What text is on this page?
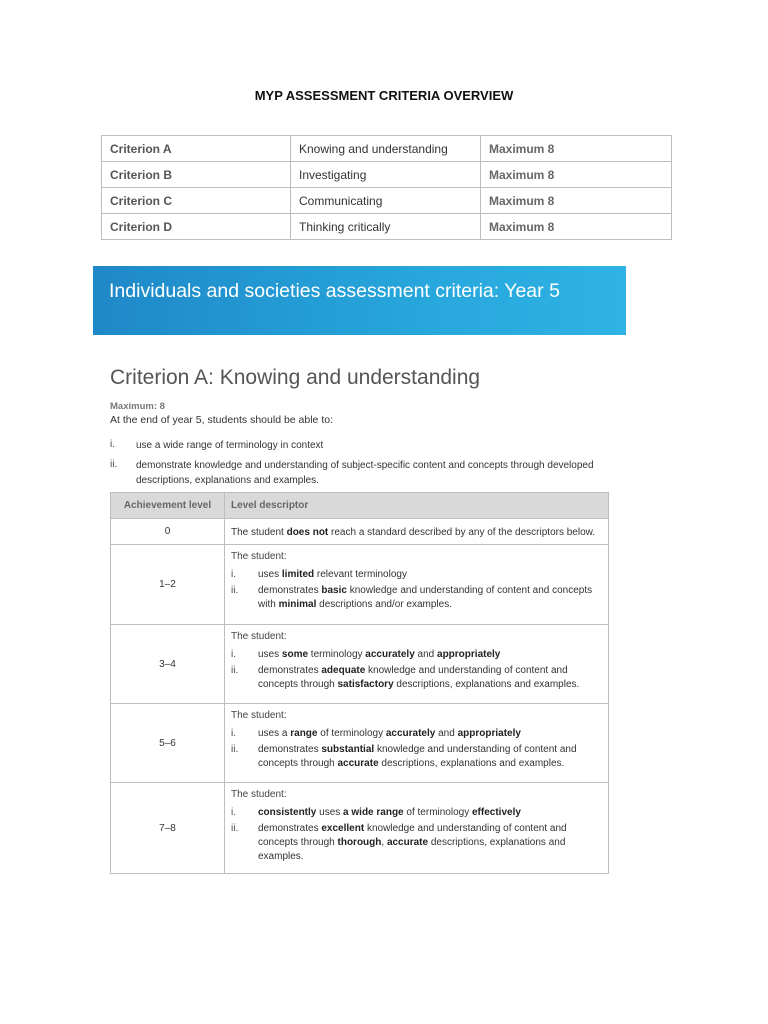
MYP ASSESSMENT CRITERIA OVERVIEW
Criterion A	Knowing and understanding	Maximum 8
Criterion B	Investigating	Maximum 8
Criterion C	Communicating	Maximum 8
Criterion D	Thinking critically	Maximum 8
Individuals and societies assessment criteria: Year 5
Criterion A: Knowing and understanding
Maximum: 8
At the end of year 5, students should be able to:
i. use a wide range of terminology in context
ii. demonstrate knowledge and understanding of subject-specific content and concepts through developed descriptions, explanations and examples.
Achievement level	Level descriptor
0	The student does not reach a standard described by any of the descriptors below.

1–2	The student:
i. uses limited relevant terminology
ii. demonstrates basic knowledge and understanding of content and concepts with minimal descriptions and/or examples.

3–4	The student:
i. uses some terminology accurately and appropriately
ii. demonstrates adequate knowledge and understanding of content and concepts through satisfactory descriptions, explanations and examples.

5–6	The student:
i. uses a range of terminology accurately and appropriately
ii. demonstrates substantial knowledge and understanding of content and concepts through accurate descriptions, explanations and examples.

7–8	The student:
i. consistently uses a wide range of terminology effectively
ii. demonstrates excellent knowledge and understanding of content and concepts through thorough, accurate descriptions, explanations and examples.
